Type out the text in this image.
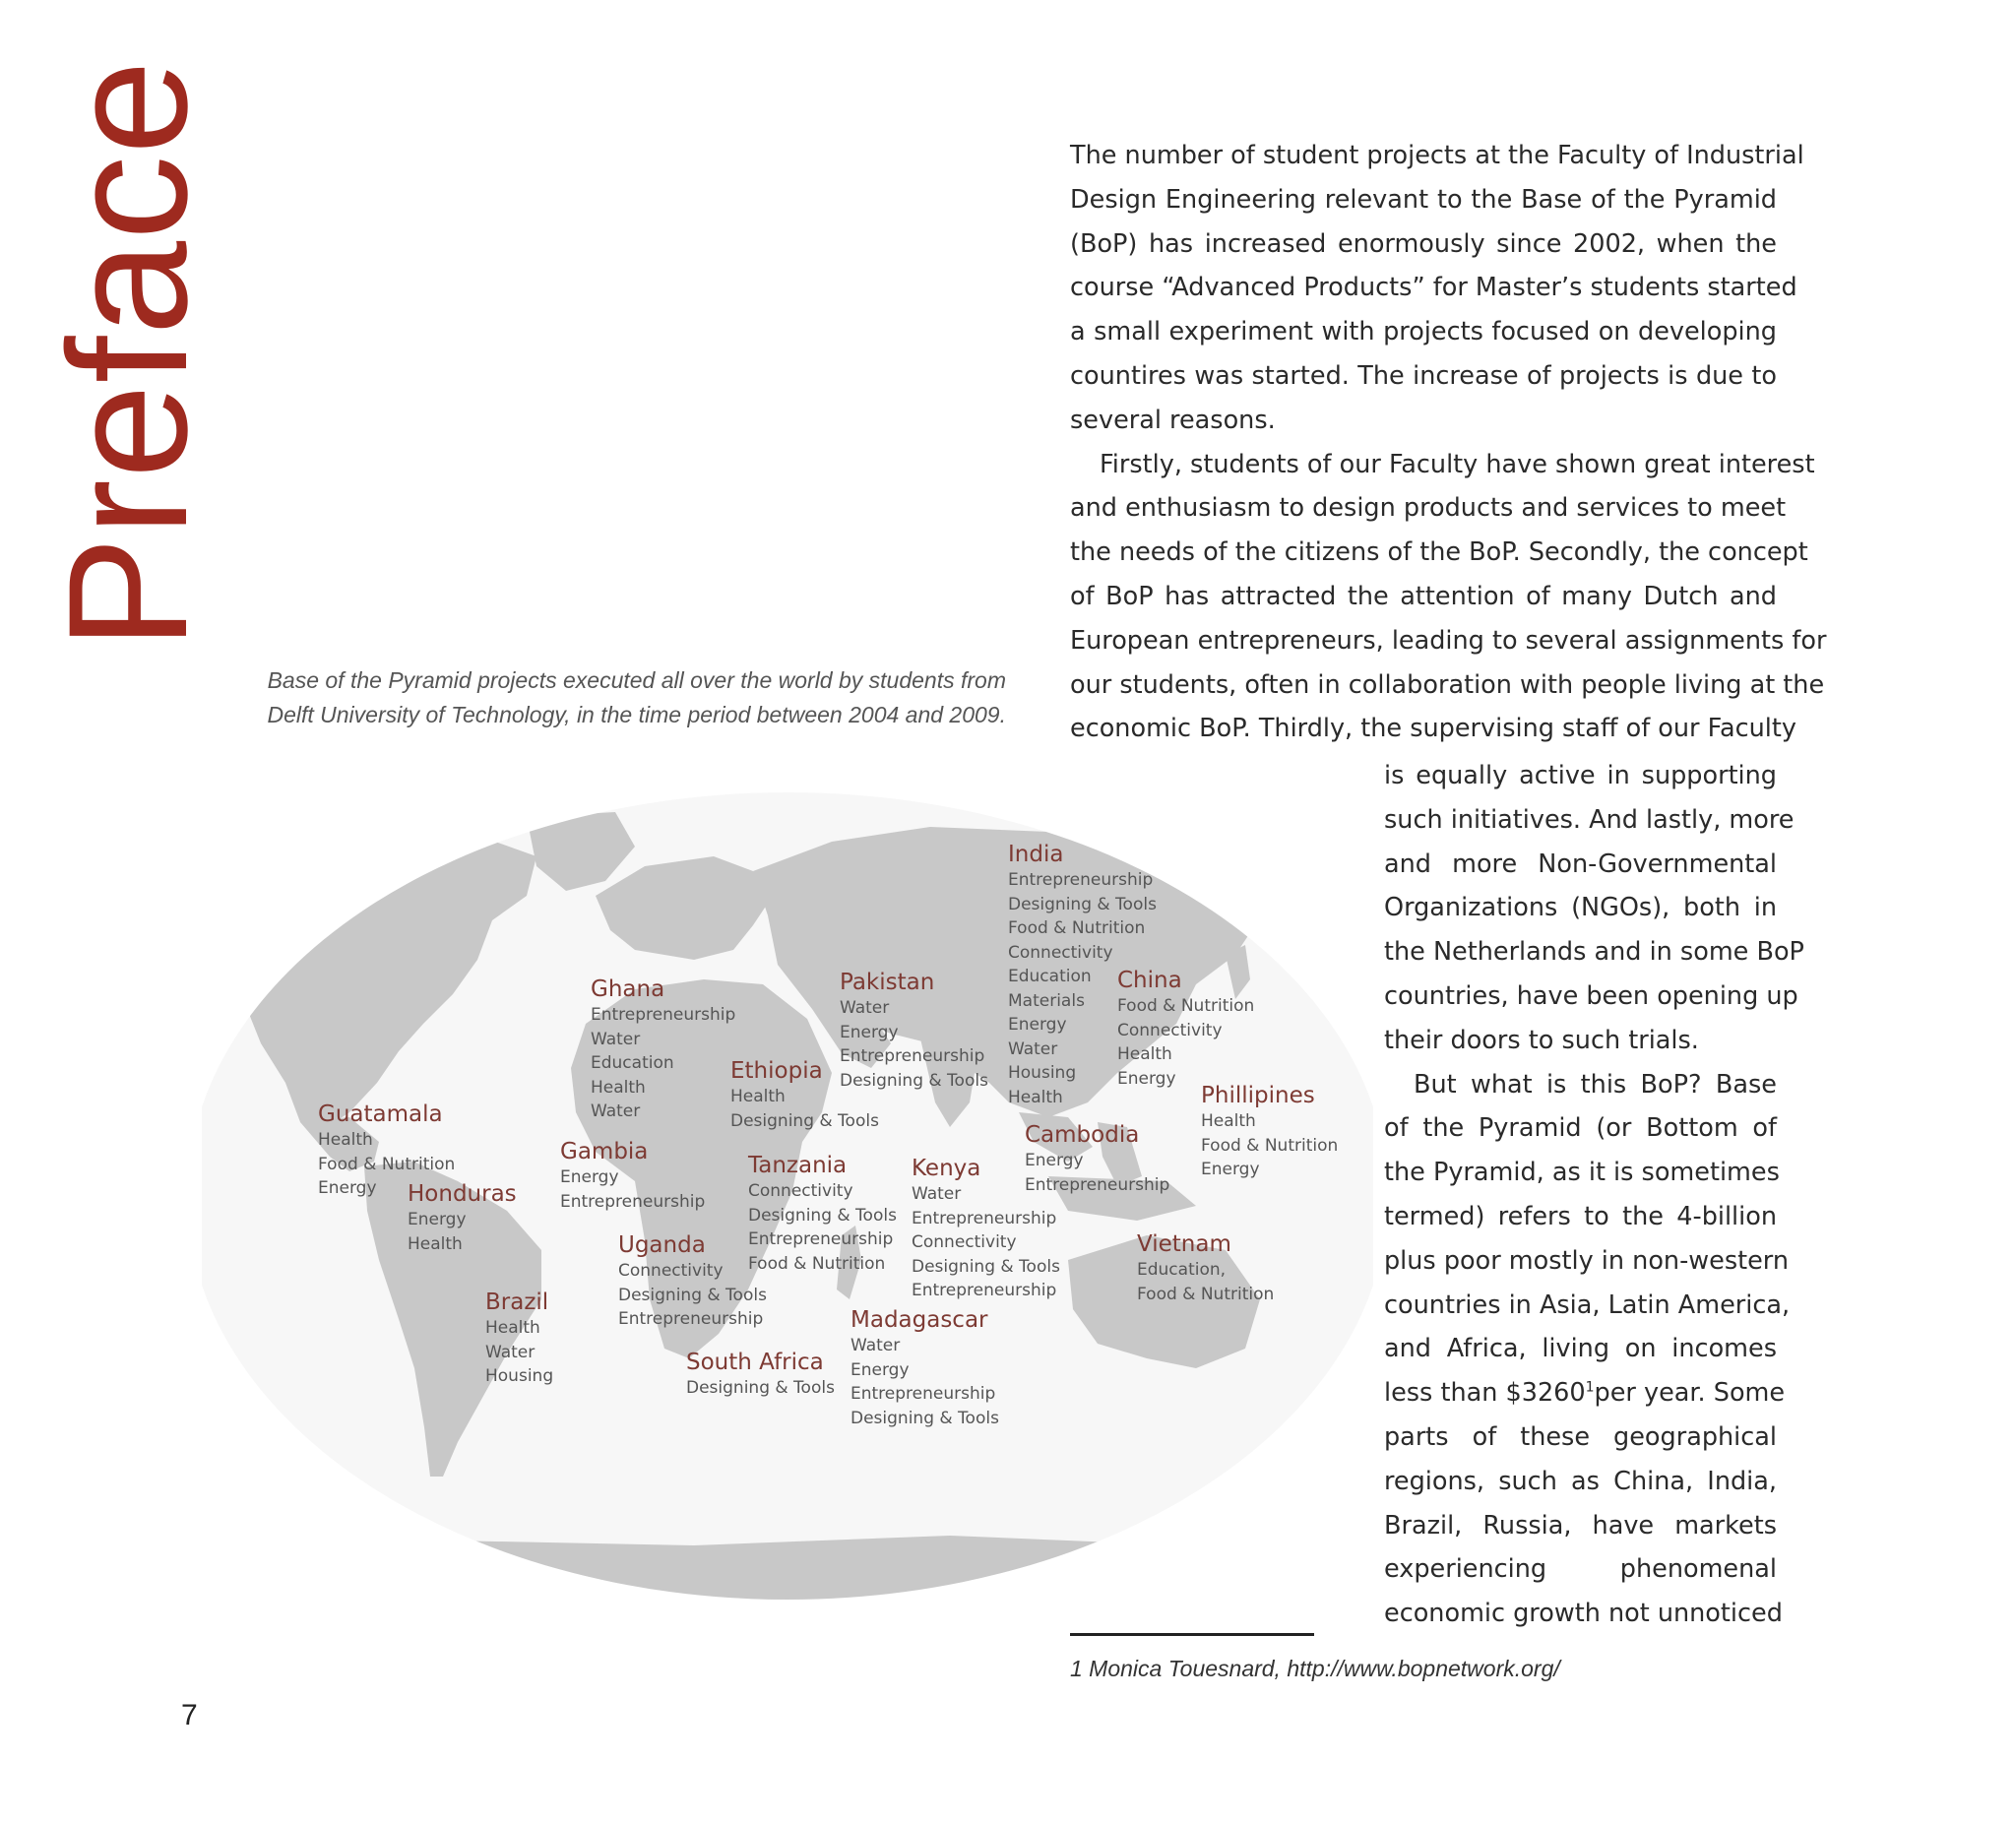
Preface
Base of the Pyramid projects executed all over the world by students from
Delft University of Technology, in the time period between 2004 and 2009.
India
Entrepreneurship
Designing & Tools
Food & Nutrition
Connectivity
Education
Materials
Energy
Water
Housing
Health
China
Food & Nutrition
Connectivity
Health
Energy
Pakistan
Water
Energy
Entrepreneurship
Designing & Tools
Ghana
Entrepreneurship
Water
Education
Health
Water
Ethiopia
Health
Designing & Tools
Guatamala
Health
Food & Nutrition
Energy
Gambia
Energy
Entrepreneurship
Honduras
Energy
Health
Tanzania
Connectivity
Designing & Tools
Entrepreneurship
Food & Nutrition
Kenya
Water
Entrepreneurship
Connectivity
Designing & Tools
Entrepreneurship
Cambodia
Energy
Entrepreneurship
Phillipines
Health
Food & Nutrition
Energy
Uganda
Connectivity
Designing & Tools
Entrepreneurship
Vietnam
Education,
Food & Nutrition
Brazil
Health
Water
Housing
Madagascar
Water
Energy
Entrepreneurship
Designing & Tools
South Africa
Designing & Tools
The number of student projects at the Faculty of Industrial
Design Engineering relevant to the Base of the Pyramid
(BoP) has increased enormously since 2002, when the
course “Advanced Products” for Master’s students started
a small experiment with projects focused on developing
countires was started. The increase of projects is due to
several reasons.
Firstly, students of our Faculty have shown great interest
and enthusiasm to design products and services to meet
the needs of the citizens of the BoP. Secondly, the concept
of BoP has attracted the attention of many Dutch and
European entrepreneurs, leading to several assignments for
our students, often in collaboration with people living at the
economic BoP. Thirdly, the supervising staff of our Faculty
is equally active in supporting
such initiatives. And lastly, more
and more Non-Governmental
Organizations (NGOs), both in
the Netherlands and in some BoP
countries, have been opening up
their doors to such trials.
But what is this BoP? Base
of the Pyramid (or Bottom of
the Pyramid, as it is sometimes
termed) refers to the 4-billion
plus poor mostly in non-western
countries in Asia, Latin America,
and Africa, living on incomes
less than $3260$^1$ per year. Some
parts of these geographical
regions, such as China, India,
Brazil, Russia, have markets
experiencing phenomenal
economic growth not unnoticed
1 Monica Touesnard, http://www.bopnetwork.org/
7
